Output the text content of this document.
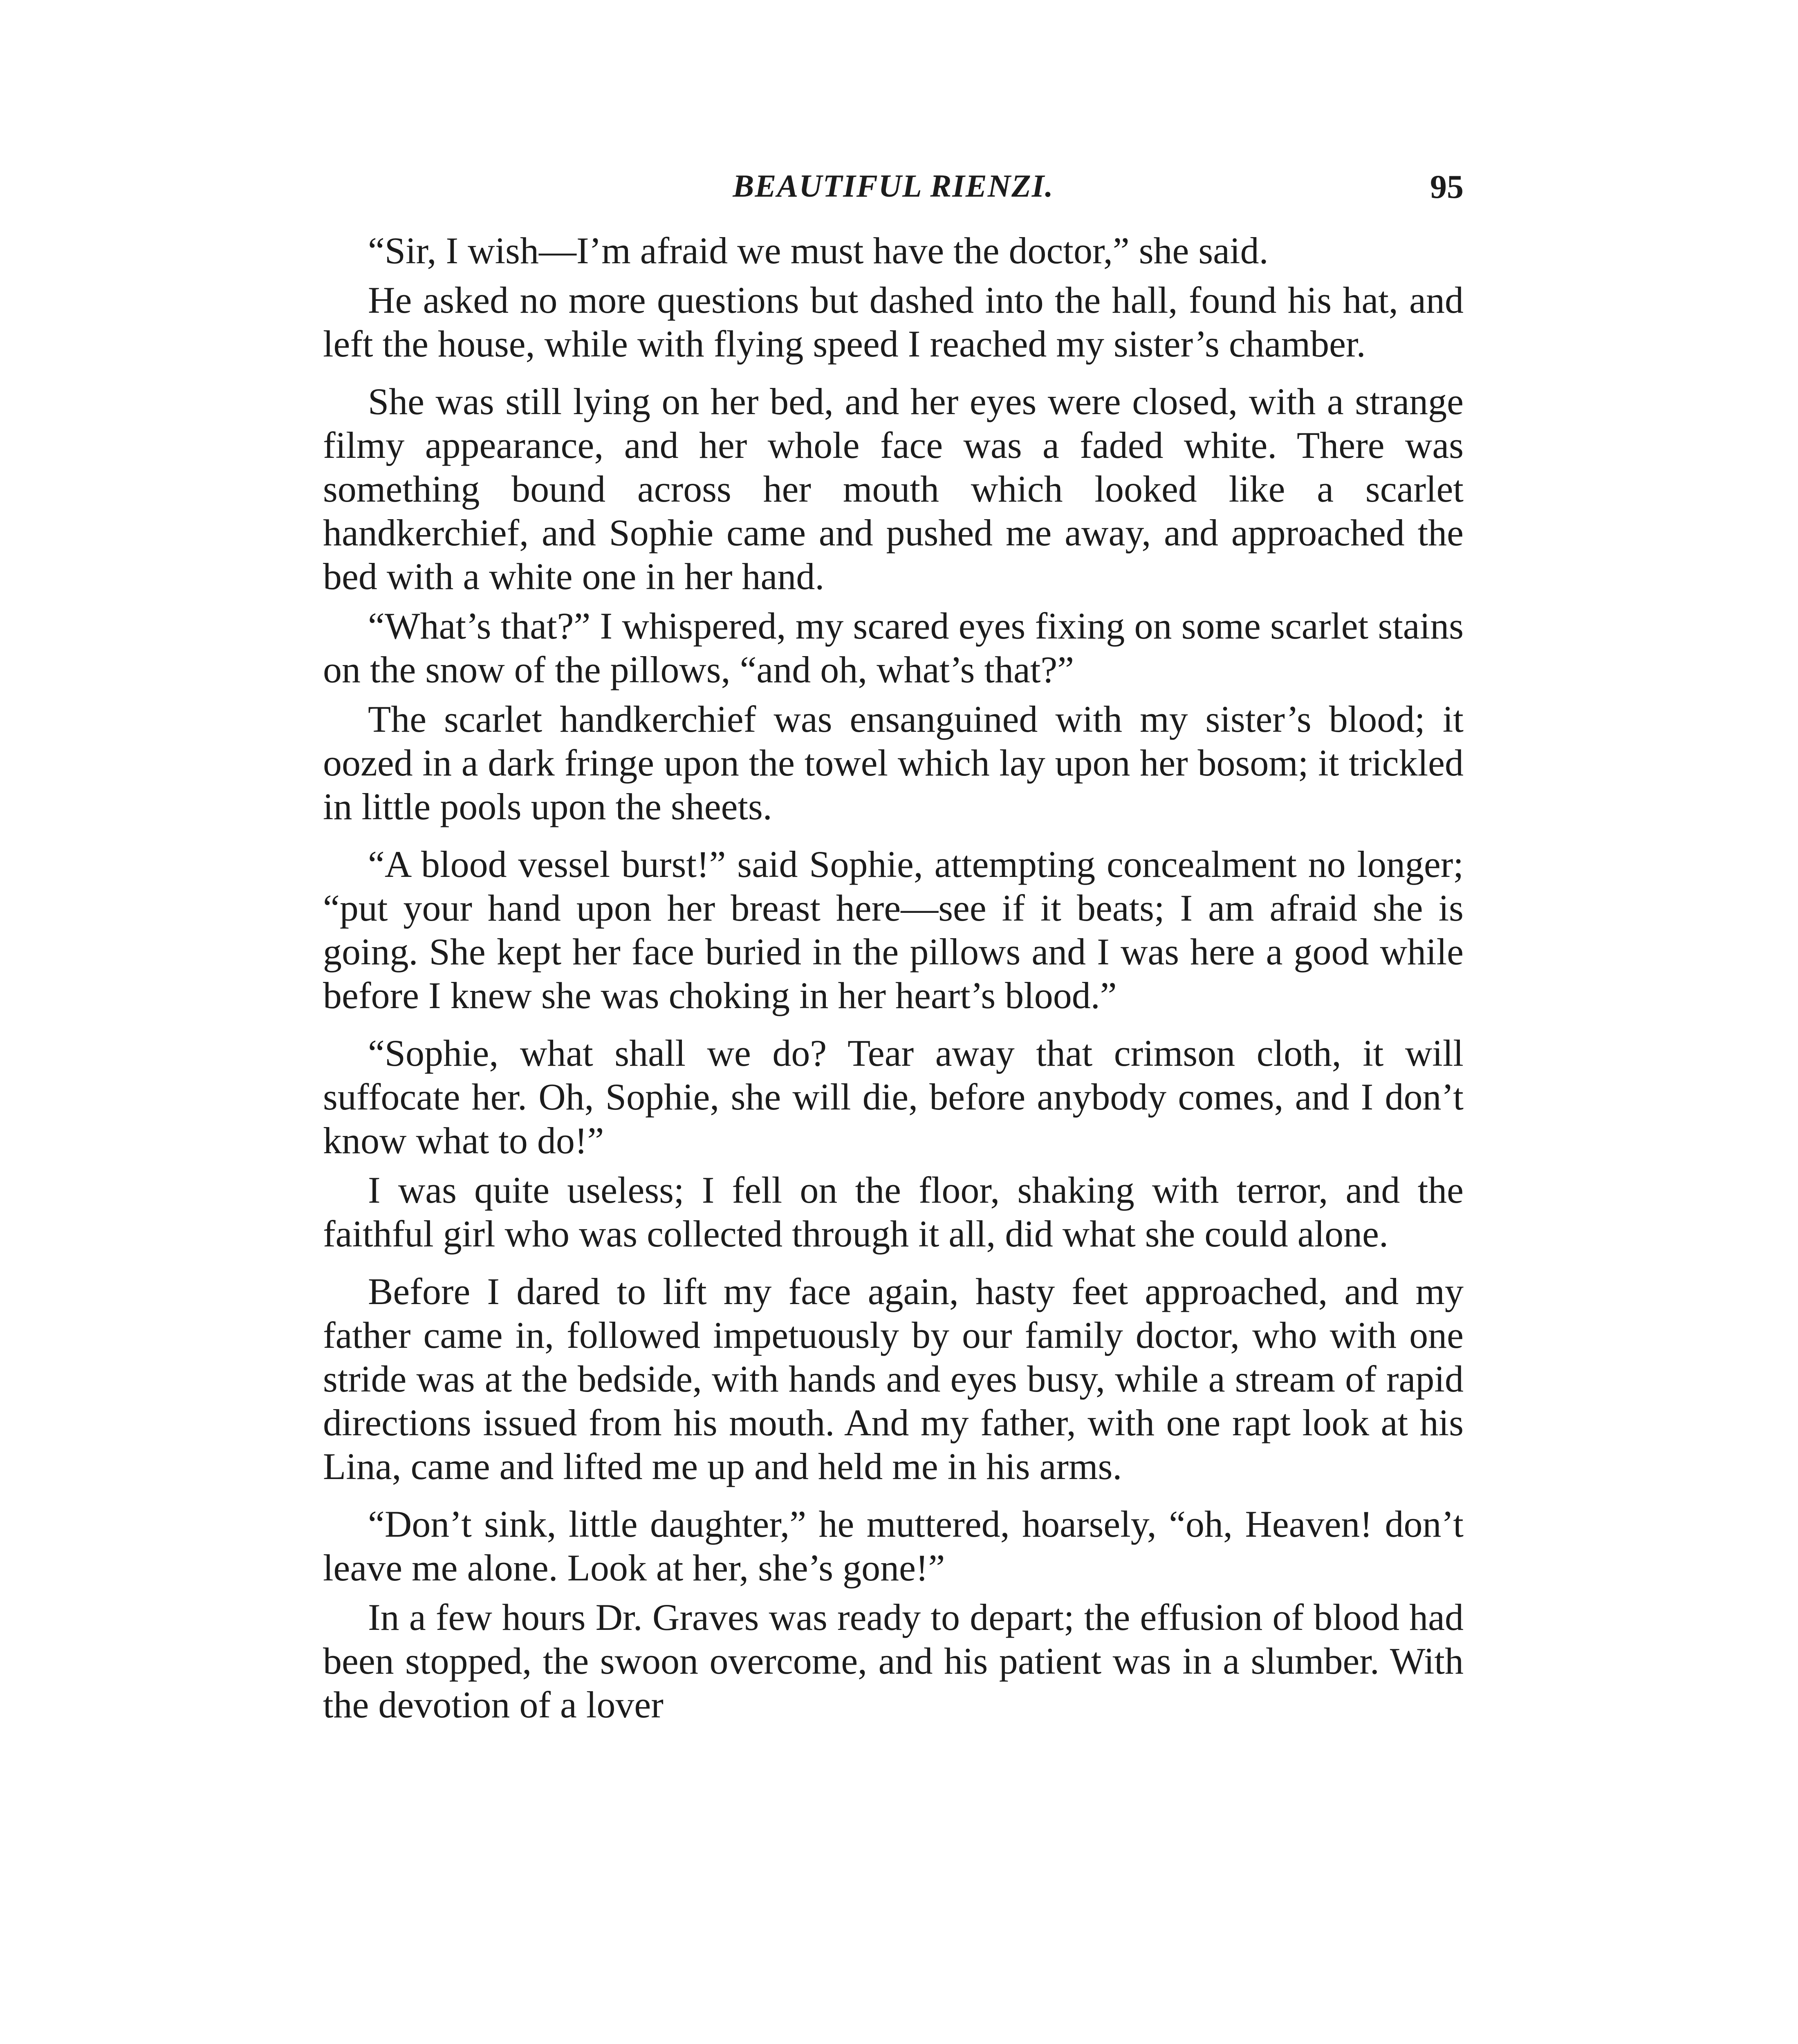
BEAUTIFUL RIENZI.	95

“Sir, I wish—I’m afraid we must have the doctor,” she said.

He asked no more questions but dashed into the hall, found his hat, and left the house, while with flying speed I reached my sister’s chamber.

She was still lying on her bed, and her eyes were closed, with a strange filmy appearance, and her whole face was a faded white. There was something bound across her mouth which looked like a scarlet handkerchief, and Sophie came and pushed me away, and approached the bed with a white one in her hand.

“What’s that?” I whispered, my scared eyes fixing on some scarlet stains on the snow of the pillows, “and oh, what’s that?”

The scarlet handkerchief was ensanguined with my sister’s blood; it oozed in a dark fringe upon the towel which lay upon her bosom; it trickled in little pools upon the sheets.

“A blood vessel burst!” said Sophie, attempting concealment no longer; “put your hand upon her breast here—see if it beats; I am afraid she is going. She kept her face buried in the pillows and I was here a good while before I knew she was choking in her heart’s blood.”

“Sophie, what shall we do? Tear away that crimson cloth, it will suffocate her. Oh, Sophie, she will die, before anybody comes, and I don’t know what to do!”

I was quite useless; I fell on the floor, shaking with terror, and the faithful girl who was collected through it all, did what she could alone.

Before I dared to lift my face again, hasty feet approached, and my father came in, followed impetuously by our family doctor, who with one stride was at the bedside, with hands and eyes busy, while a stream of rapid directions issued from his mouth. And my father, with one rapt look at his Lina, came and lifted me up and held me in his arms.

“Don’t sink, little daughter,” he muttered, hoarsely, “oh, Heaven! don’t leave me alone. Look at her, she’s gone!”

In a few hours Dr. Graves was ready to depart; the effusion of blood had been stopped, the swoon overcome, and his patient was in a slumber. With the devotion of a lover
